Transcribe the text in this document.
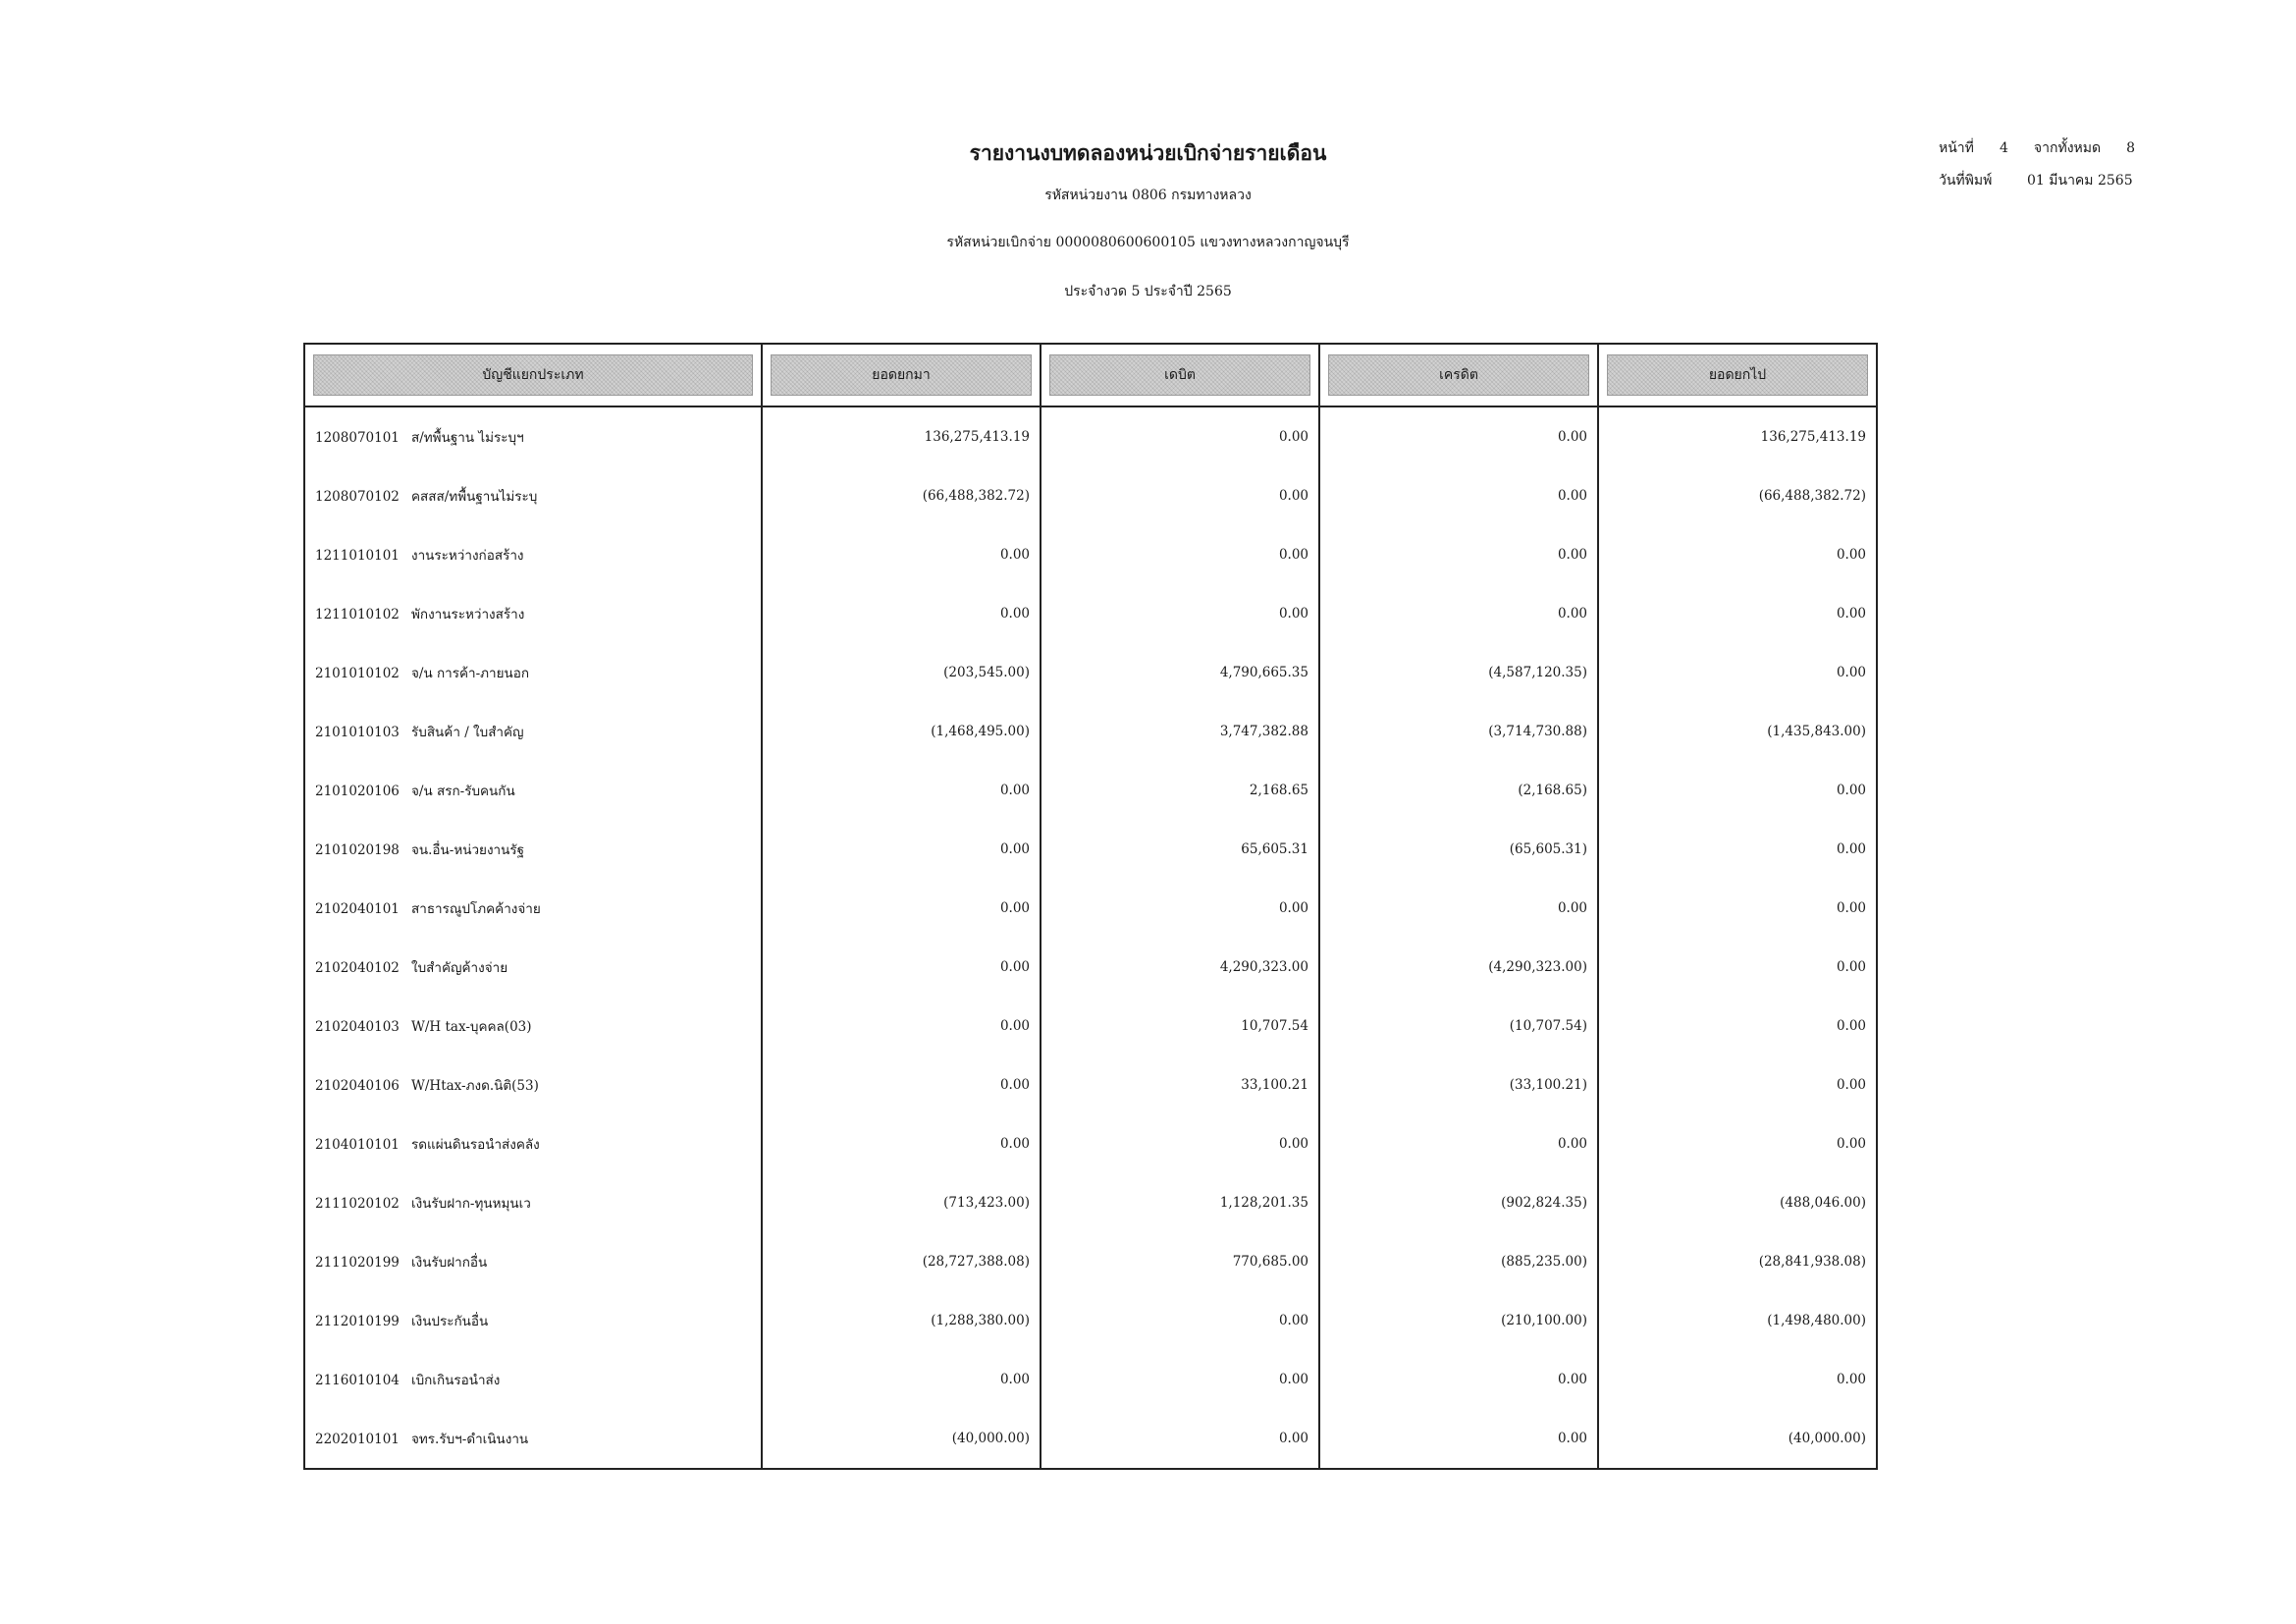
รายงานงบทดลองหน่วยเบิกจ่ายรายเดือน
รหัสหน่วยงาน 0806 กรมทางหลวง
รหัสหน่วยเบิกจ่าย 0000080600600105 แขวงทางหลวงกาญจนบุรี
ประจำงวด 5 ประจำปี 2565
หน้าที่ 4 จากทั้งหมด 8
วันที่พิมพ์	01 มีนาคม 2565
บัญชีแยกประเภท	ยอดยกมา	เดบิต	เครดิต	ยอดยกไป

1208070101 ส/ทพื้นฐาน ไม่ระบุฯ	136,275,413.19	0.00	0.00	136,275,413.19
1208070102 คสสส/ทพื้นฐานไม่ระบุ	(66,488,382.72)	0.00	0.00	(66,488,382.72)
1211010101 งานระหว่างก่อสร้าง	0.00	0.00	0.00	0.00
1211010102 พักงานระหว่างสร้าง	0.00	0.00	0.00	0.00
2101010102 จ/น การค้า-ภายนอก	(203,545.00)	4,790,665.35	(4,587,120.35)	0.00
2101010103 รับสินค้า / ใบสำคัญ	(1,468,495.00)	3,747,382.88	(3,714,730.88)	(1,435,843.00)
2101020106 จ/น สรก-รับคนกัน	0.00	2,168.65	(2,168.65)	0.00
2101020198 จน.อื่น-หน่วยงานรัฐ	0.00	65,605.31	(65,605.31)	0.00
2102040101 สาธารณูปโภคค้างจ่าย	0.00	0.00	0.00	0.00
2102040102 ใบสำคัญค้างจ่าย	0.00	4,290,323.00	(4,290,323.00)	0.00
2102040103 W/H tax-บุคคล(03)	0.00	10,707.54	(10,707.54)	0.00
2102040106 W/Htax-ภงด.นิติ(53)	0.00	33,100.21	(33,100.21)	0.00
2104010101 รดแผ่นดินรอนำส่งคลัง	0.00	0.00	0.00	0.00
2111020102 เงินรับฝาก-ทุนหมุนเว	(713,423.00)	1,128,201.35	(902,824.35)	(488,046.00)
2111020199 เงินรับฝากอื่น	(28,727,388.08)	770,685.00	(885,235.00)	(28,841,938.08)
2112010199 เงินประกันอื่น	(1,288,380.00)	0.00	(210,100.00)	(1,498,480.00)
2116010104 เบิกเกินรอนำส่ง	0.00	0.00	0.00	0.00
2202010101 จทร.รับฯ-ดำเนินงาน	(40,000.00)	0.00	0.00	(40,000.00)
